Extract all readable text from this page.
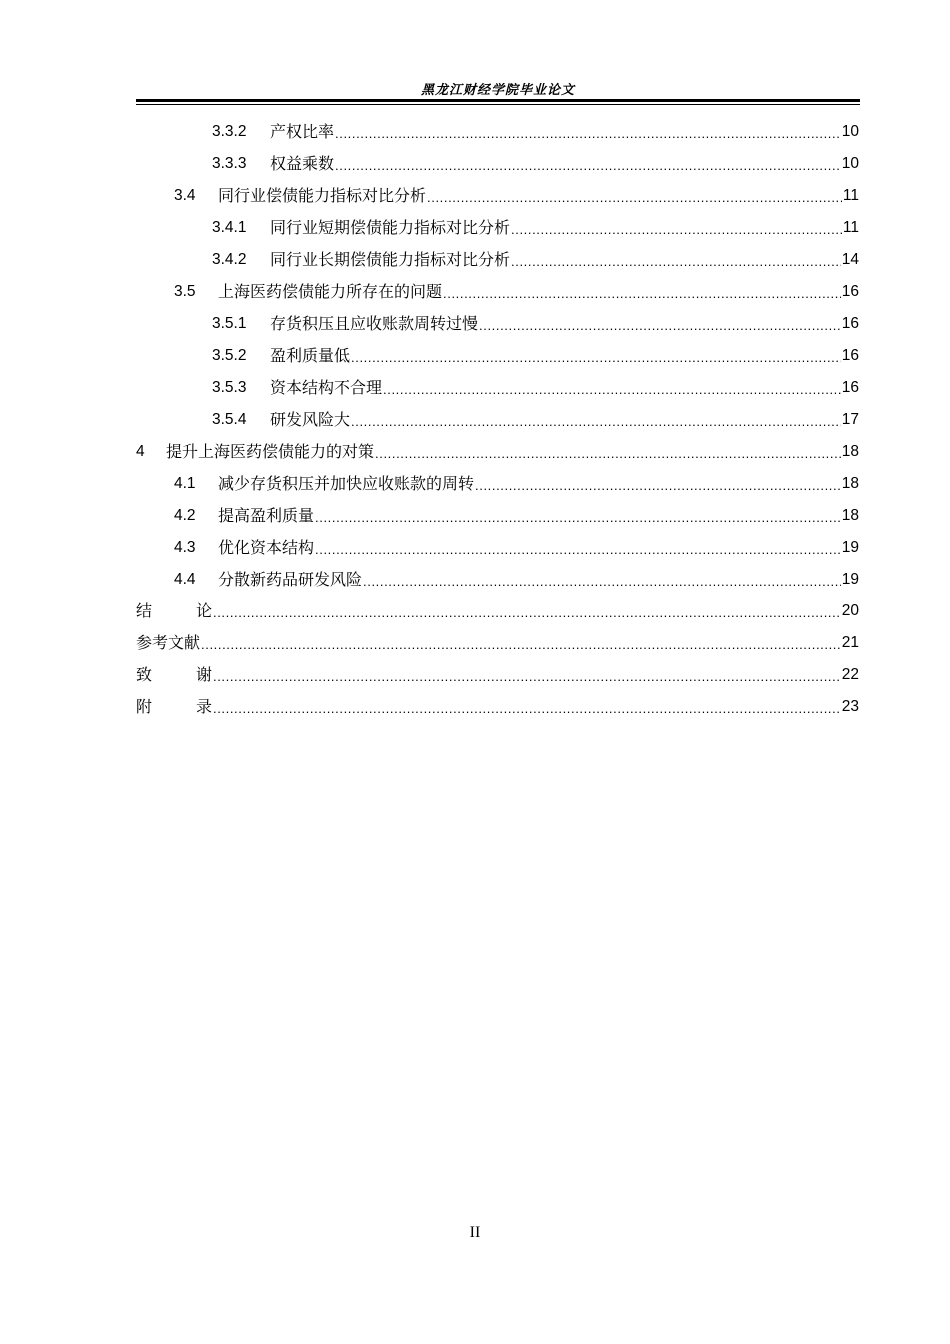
黑龙江财经学院毕业论文
3.3.2	产权比率 .....	10
3.3.3	权益乘数 .....	10
3.4	同行业偿债能力指标对比分析 .....	11
3.4.1	同行业短期偿债能力指标对比分析 .....	11
3.4.2	同行业长期偿债能力指标对比分析 .....	14
3.5	上海医药偿债能力所存在的问题 .....	16
3.5.1	存货积压且应收账款周转过慢 .....	16
3.5.2	盈利质量低 .....	16
3.5.3	资本结构不合理 .....	16
3.5.4	研发风险大 .....	17
4	提升上海医药偿债能力的对策 .....	18
4.1	减少存货积压并加快应收账款的周转 .....	18
4.2	提高盈利质量 .....	18
4.3	优化资本结构 .....	19
4.4	分散新药品研发风险 .....	19
结	论 .....	20
参考文献 .....	21
致	谢 .....	22
附	录 .....	23
II
